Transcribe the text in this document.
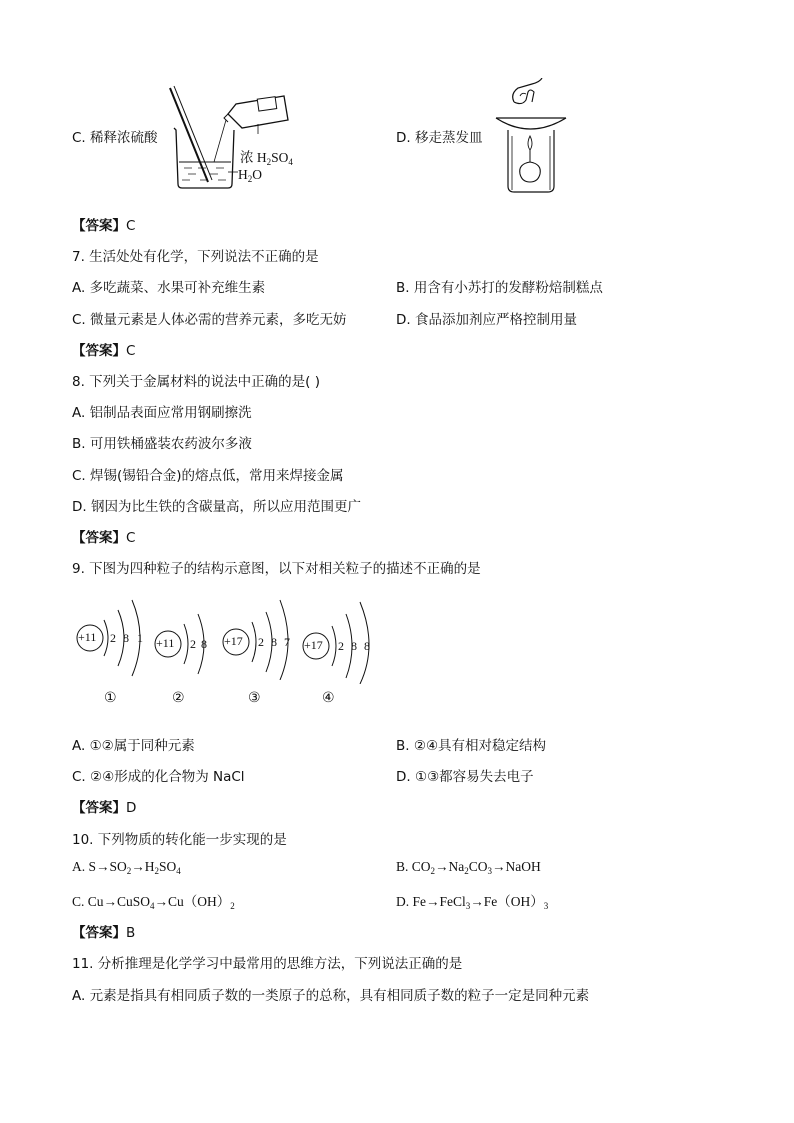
C. 稀释浓硫酸
浓 $H_2SO_4$
$H_2O$
D. 移走蒸发皿
【答案】C
7. 生活处处有化学，下列说法不正确的是
A. 多吃蔬菜、水果可补充维生素	B. 用含有小苏打的发酵粉焙制糕点
C. 微量元素是人体必需的营养元素，多吃无妨	D. 食品添加剂应严格控制用量
【答案】C
8. 下列关于金属材料的说法中正确的是( )
A. 铝制品表面应常用钢刷擦洗
B. 可用铁桶盛装农药波尔多液
C. 焊锡(锡铅合金)的熔点低，常用来焊接金属
D. 钢因为比生铁的含碳量高，所以应用范围更广
【答案】C
9. 下图为四种粒子的结构示意图，以下对相关粒子的描述不正确的是
+11 2 8 1
①
+11 2 8
②
+17 2 8 7
③
+17 2 8 8
④
A. ①②属于同种元素	B. ②④具有相对稳定结构
C. ②④形成的化合物为 NaCl	D. ①③都容易失去电子
【答案】D
10. 下列物质的转化能一步实现的是
A. $S\to SO_2\to H_2SO_4$	B. $CO_2\to Na_2CO_3\to NaOH$
C. $Cu\to CuSO_4\to Cu(OH)_2$	D. $Fe\to FeCl_3\to Fe(OH)_3$
【答案】B
11. 分析推理是化学学习中最常用的思维方法，下列说法正确的是
A. 元素是指具有相同质子数的一类原子的总称，具有相同质子数的粒子一定是同种元素
